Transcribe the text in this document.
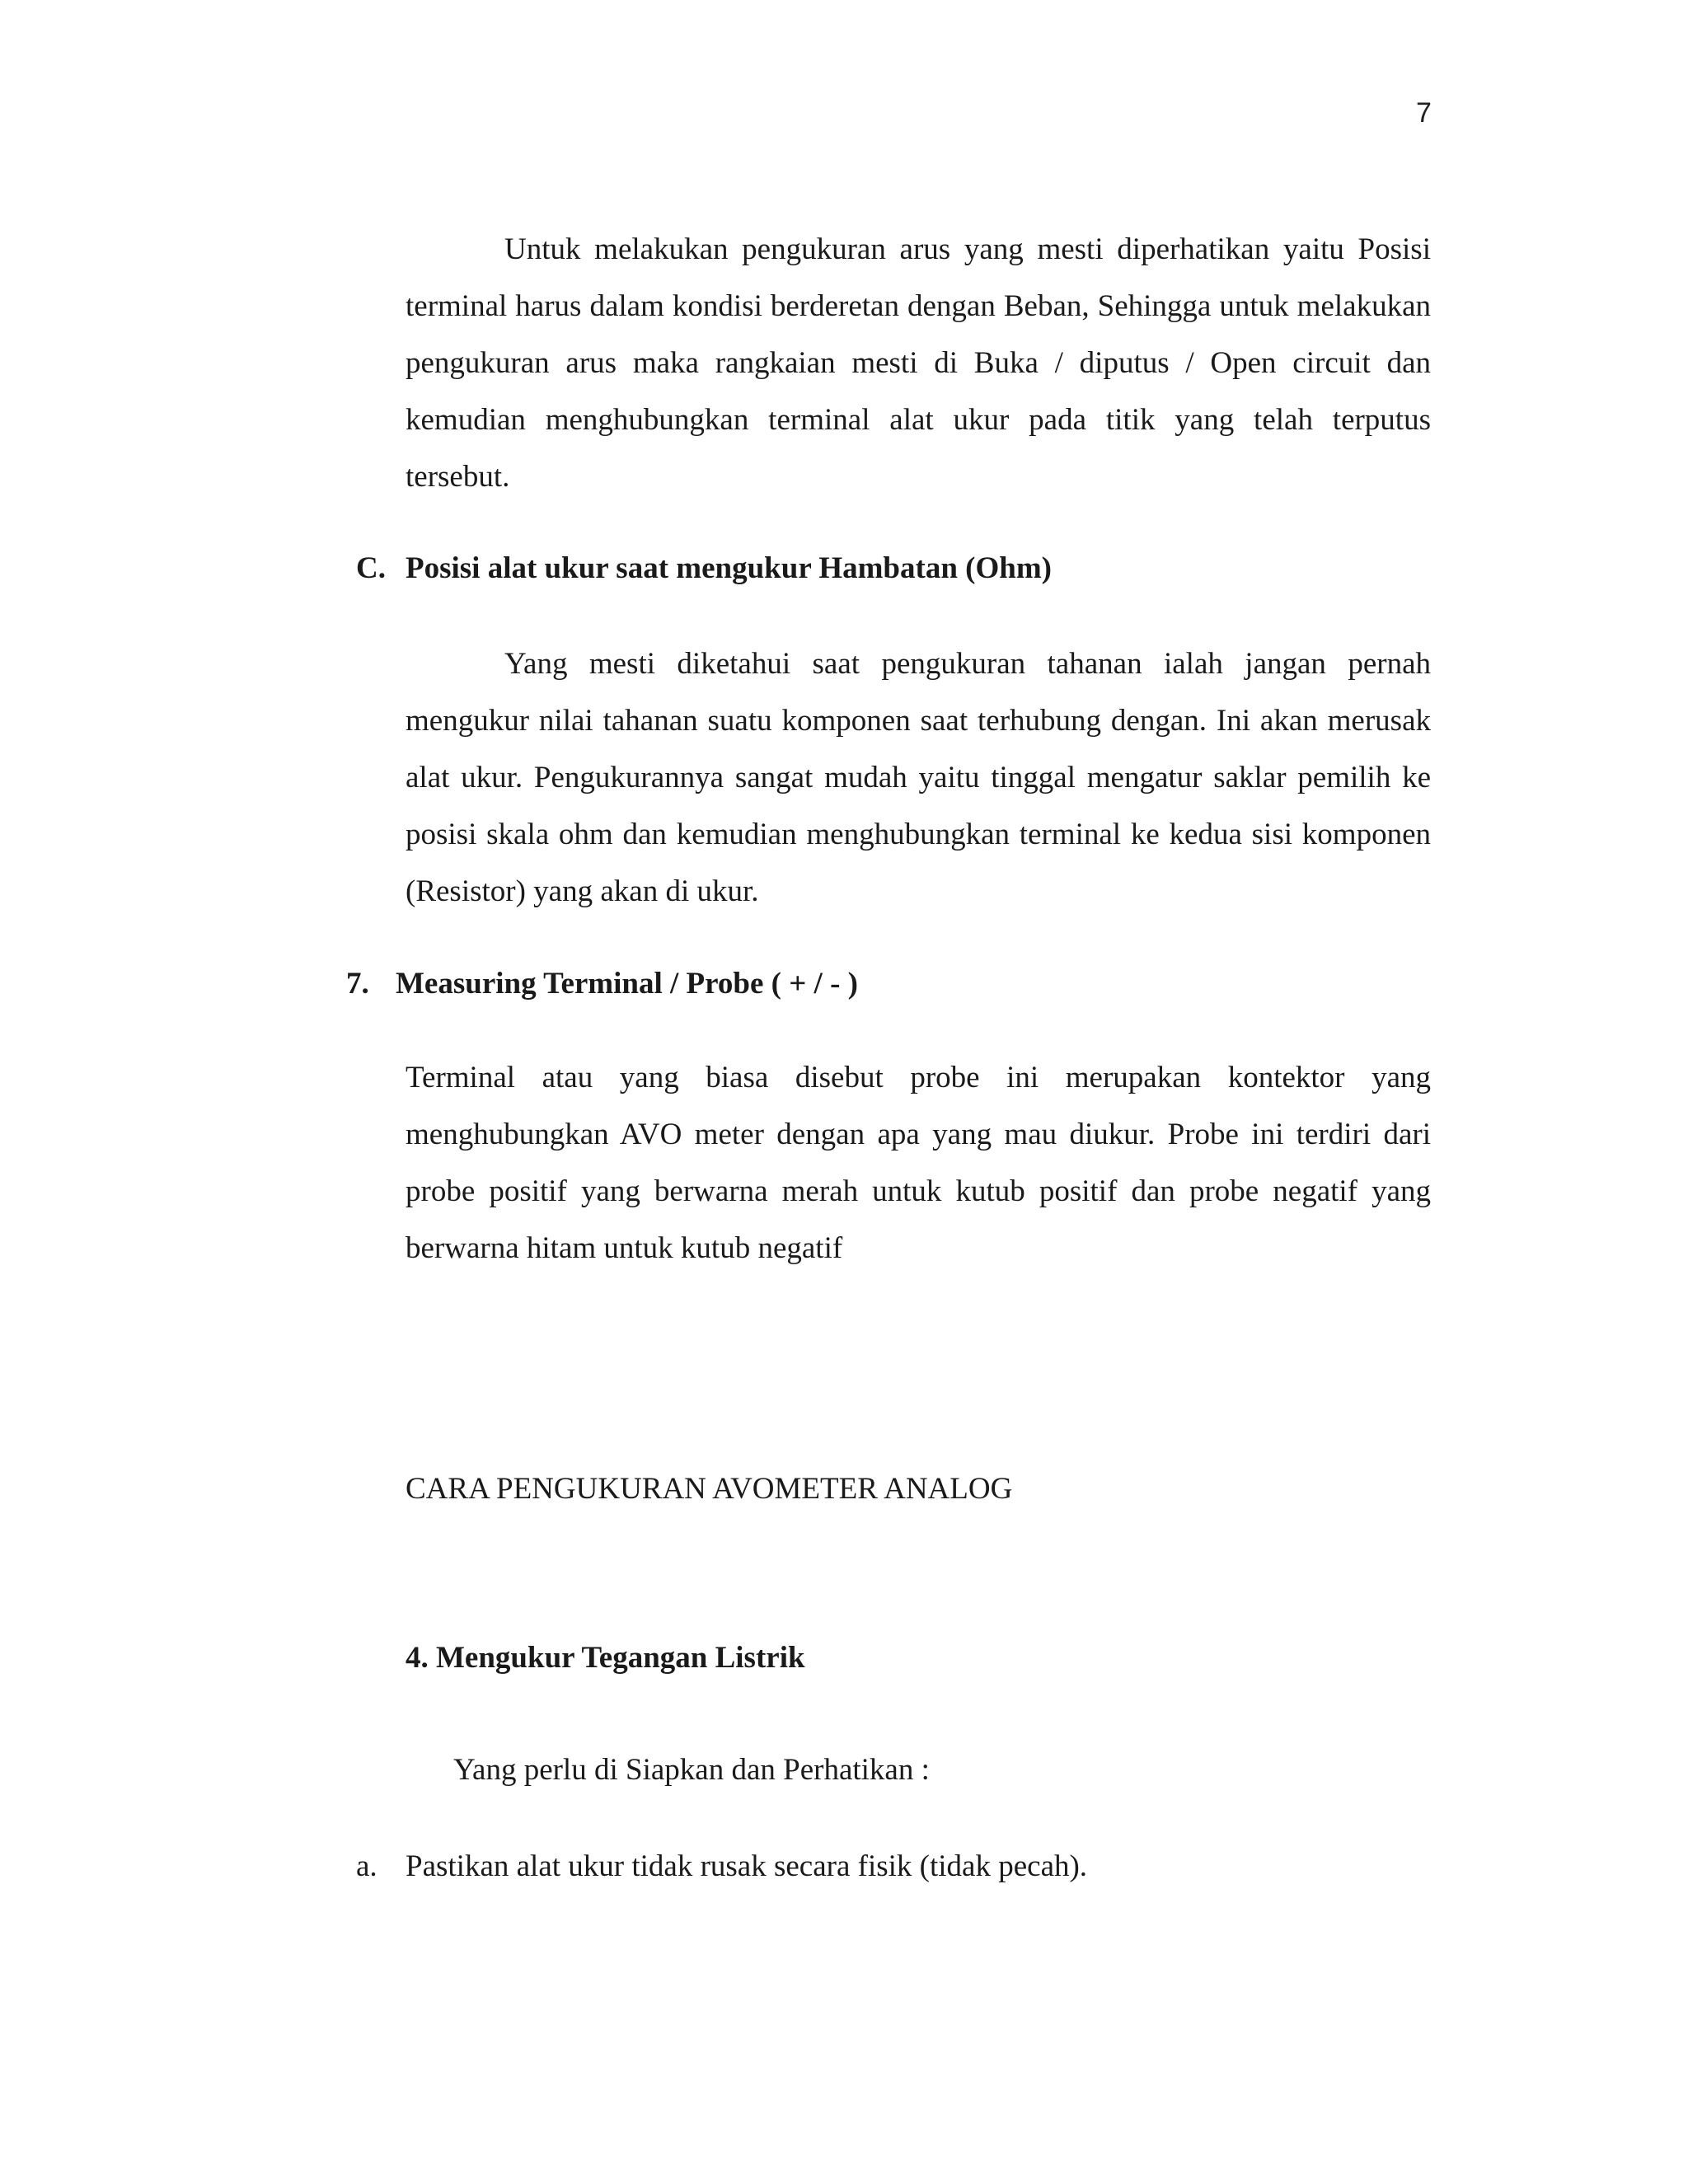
7

Untuk melakukan pengukuran arus yang mesti diperhatikan yaitu Posisi terminal harus dalam kondisi berderetan dengan Beban, Sehingga untuk melakukan pengukuran arus maka rangkaian mesti di Buka / diputus / Open circuit dan kemudian menghubungkan terminal alat ukur pada titik yang telah terputus tersebut.

C. Posisi alat ukur saat mengukur Hambatan (Ohm)

Yang mesti diketahui saat pengukuran tahanan ialah jangan pernah mengukur nilai tahanan suatu komponen saat terhubung dengan. Ini akan merusak alat ukur. Pengukurannya sangat mudah yaitu tinggal mengatur saklar pemilih ke posisi skala ohm dan kemudian menghubungkan terminal ke kedua sisi komponen (Resistor) yang akan di ukur.

7. Measuring Terminal / Probe ( + / - )

Terminal atau yang biasa disebut probe ini merupakan kontektor yang menghubungkan AVO meter dengan apa yang mau diukur. Probe ini terdiri dari probe positif yang berwarna merah untuk kutub positif dan probe negatif yang berwarna hitam untuk kutub negatif

CARA PENGUKURAN AVOMETER ANALOG
4. Mengukur Tegangan Listrik
Yang perlu di Siapkan dan Perhatikan :
a. Pastikan alat ukur tidak rusak secara fisik (tidak pecah).
